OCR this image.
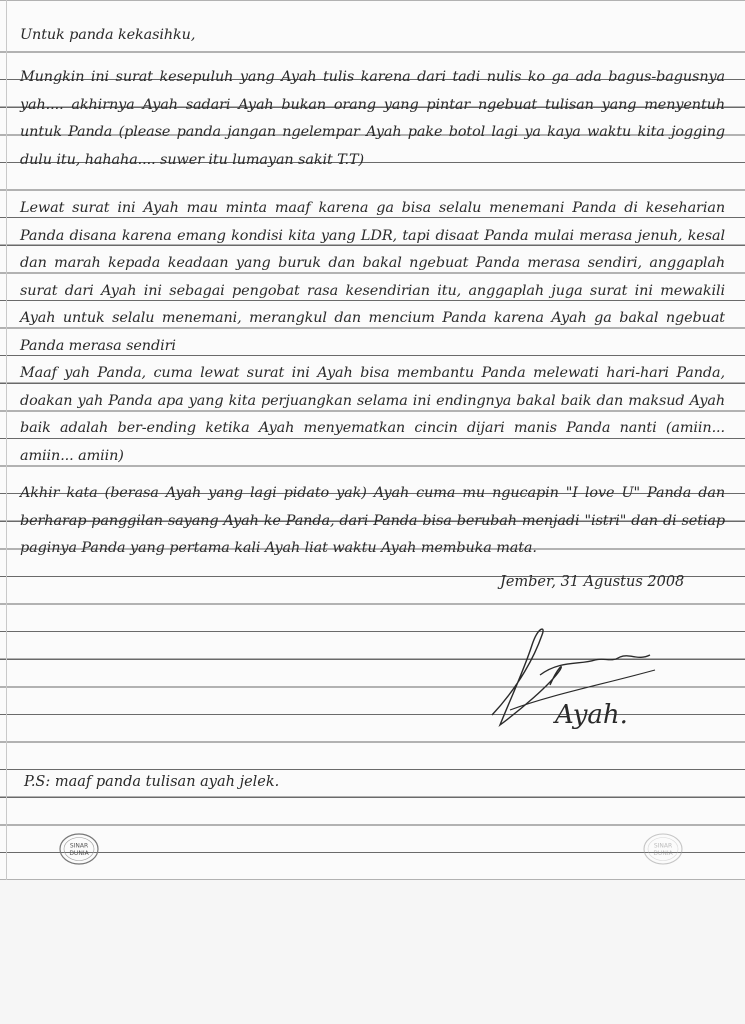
Untuk panda kekasihku,
Mungkin ini surat kesepuluh yang Ayah tulis karena dari tadi nulis ko ga ada bagus-bagusnya yah.... akhirnya Ayah sadari Ayah bukan orang yang pintar ngebuat tulisan yang menyentuh untuk Panda (please panda jangan ngelempar Ayah pake botol lagi ya kaya waktu kita jogging dulu itu, hahaha.... suwer itu lumayan sakit T.T)
Lewat surat ini Ayah mau minta maaf karena ga bisa selalu menemani Panda di keseharian Panda disana karena emang kondisi kita yang LDR, tapi disaat Panda mulai merasa jenuh, kesal dan marah kepada keadaan yang buruk dan bakal ngebuat Panda merasa sendiri, anggaplah surat dari Ayah ini sebagai pengobat rasa kesendirian itu, anggaplah juga surat ini mewakili Ayah untuk selalu menemani, merangkul dan mencium Panda karena Ayah ga bakal ngebuat Panda merasa sendiri
Maaf yah Panda, cuma lewat surat ini Ayah bisa membantu Panda melewati hari-hari Panda, doakan yah Panda apa yang kita perjuangkan selama ini endingnya bakal baik dan maksud Ayah baik adalah ber-ending ketika Ayah menyematkan cincin dijari manis Panda nanti (amiin... amiin... amiin)
Akhir kata (berasa Ayah yang lagi pidato yak) Ayah cuma mu ngucapin "I love U" Panda dan berharap panggilan sayang Ayah ke Panda, dari Panda bisa berubah menjadi "istri" dan di setiap paginya Panda yang pertama kali Ayah liat waktu Ayah membuka mata.
Jember, 31 Agustus 2008
Ayah.
P.S: maaf panda tulisan ayah jelek.
SINAR
DUNIA
SINAR
DUNIA
